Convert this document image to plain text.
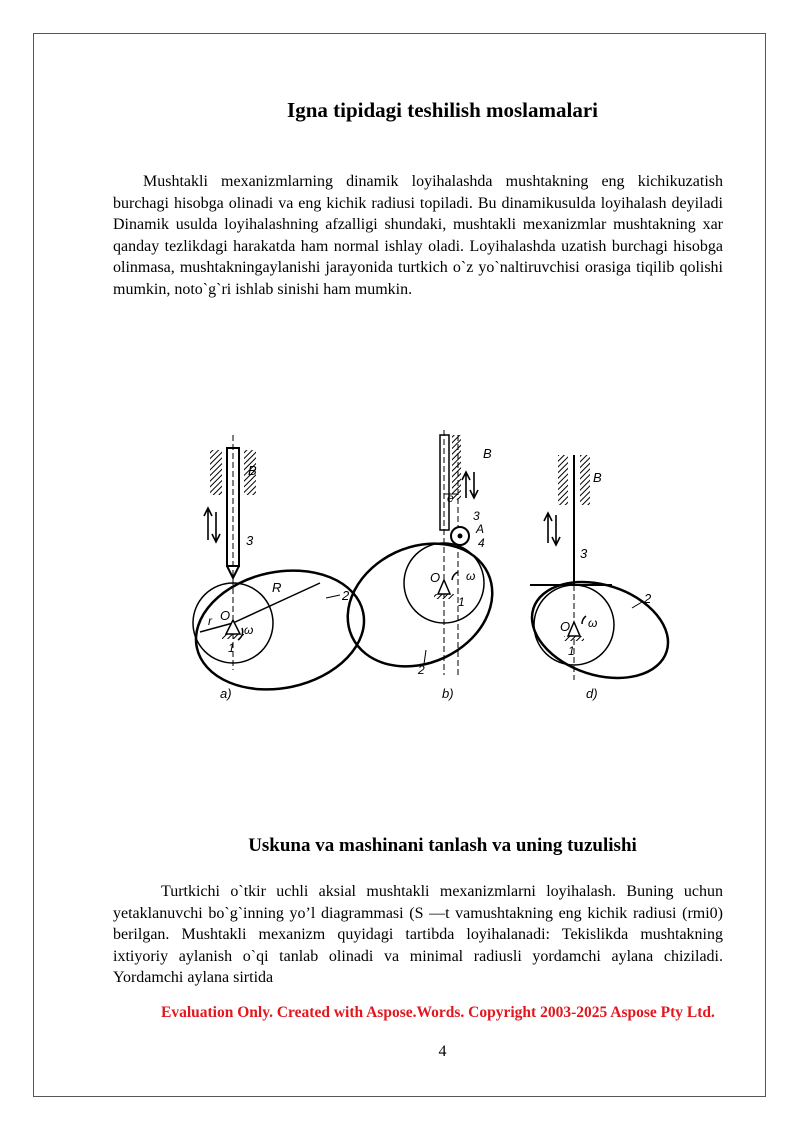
Igna tipidagi teshilish moslamalari
Mushtakli mexanizmlarning dinamik loyihalashda mushtakning eng kichikuzatish burchagi hisobga olinadi va eng kichik radiusi topiladi. Bu dinamikusulda loyihalash deyiladi Dinamik usulda loyihalashning afzalligi shundaki, mushtakli mexanizmlar mushtakning xar qanday tezlikdagi harakatda ham normal ishlay oladi. Loyihalashda uzatish burchagi hisobga olinmasa, mushtakningaylanishi jarayonida turtkich o`z yo`naltiruvchisi orasiga tiqilib qolishi mumkin, noto`g`ri ishlab sinishi ham mumkin.
B
3
2
1
R
r O
ω
a)
B
e
3
A
4
O ω
1
2
b)
B
3
2
O ω
1
d)
Uskuna va mashinani tanlash va uning tuzulishi
Turtkichi o`tkir uchli aksial mushtakli mexanizmlarni loyihalash. Buning uchun yetaklanuvchi bo`g`inning yo’l diagrammasi (S —t vamushtakning eng kichik radiusi (rmi0) berilgan. Mushtakli mexanizm quyidagi tartibda loyihalanadi: Tekislikda mushtakning ixtiyoriy aylanish o`qi tanlab olinadi va minimal radiusli yordamchi aylana chiziladi. Yordamchi aylana sirtida
Evaluation Only. Created with Aspose.Words. Copyright 2003-2025 Aspose Pty Ltd.
4
